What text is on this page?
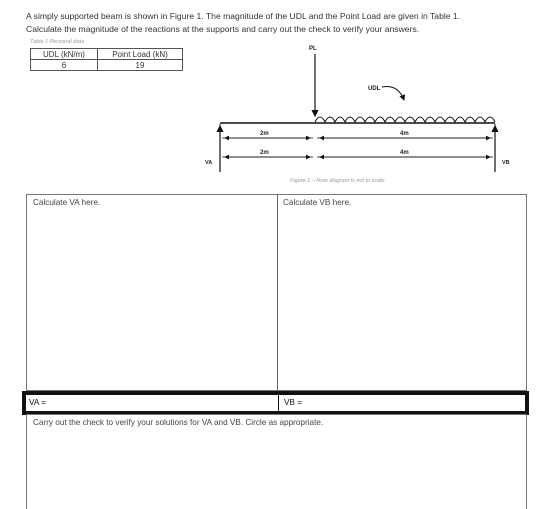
A simply supported beam is shown in Figure 1. The magnitude of the UDL and the Point Load are given in Table 1.
Calculate the magnitude of the reactions at the supports and carry out the check to verify your answers.
Table 1 Personal data
UDL (kN/m)	Point Load (kN)
6	19
PL
UDL
2m	4m
2m	4m
VA	VB
Figure 1 – Note diagram is not to scale.
Calculate VA here.	Calculate VB here.
VA =	VB =
Carry out the check to verify your solutions for VA and VB. Circle as appropriate.
